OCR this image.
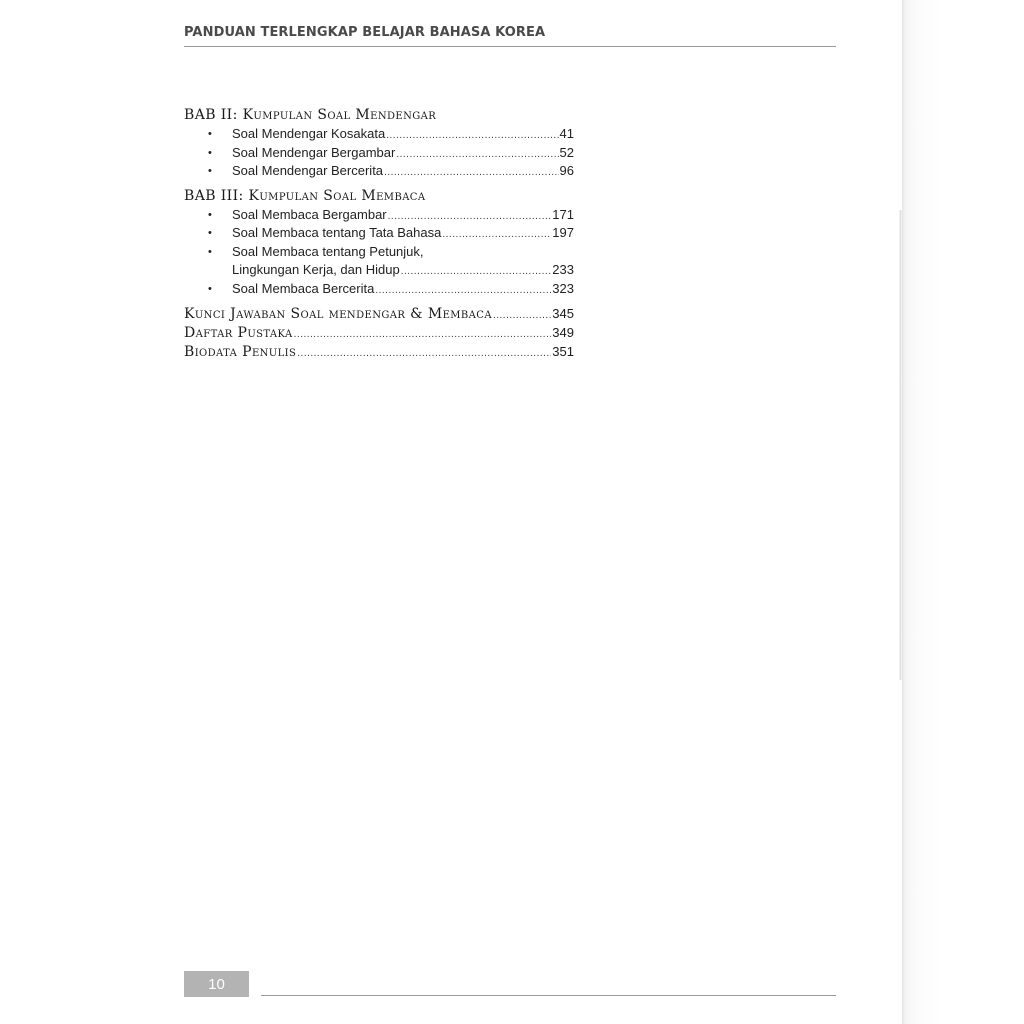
PANDUAN TERLENGKAP BELAJAR BAHASA KOREA
BAB II: Kumpulan Soal Mendengar
• Soal Mendengar Kosakata .....	41
• Soal Mendengar Bergambar .....	52
• Soal Mendengar Bercerita .....	96
BAB III: Kumpulan Soal Membaca
• Soal Membaca Bergambar .....	171
• Soal Membaca tentang Tata Bahasa .....	197
• Soal Membaca tentang Petunjuk,
Lingkungan Kerja, dan Hidup .....	233
• Soal Membaca Bercerita .....	323
Kunci Jawaban Soal mendengar & Membaca .....	345
Daftar Pustaka .....	349
Biodata Penulis .....	351
10
